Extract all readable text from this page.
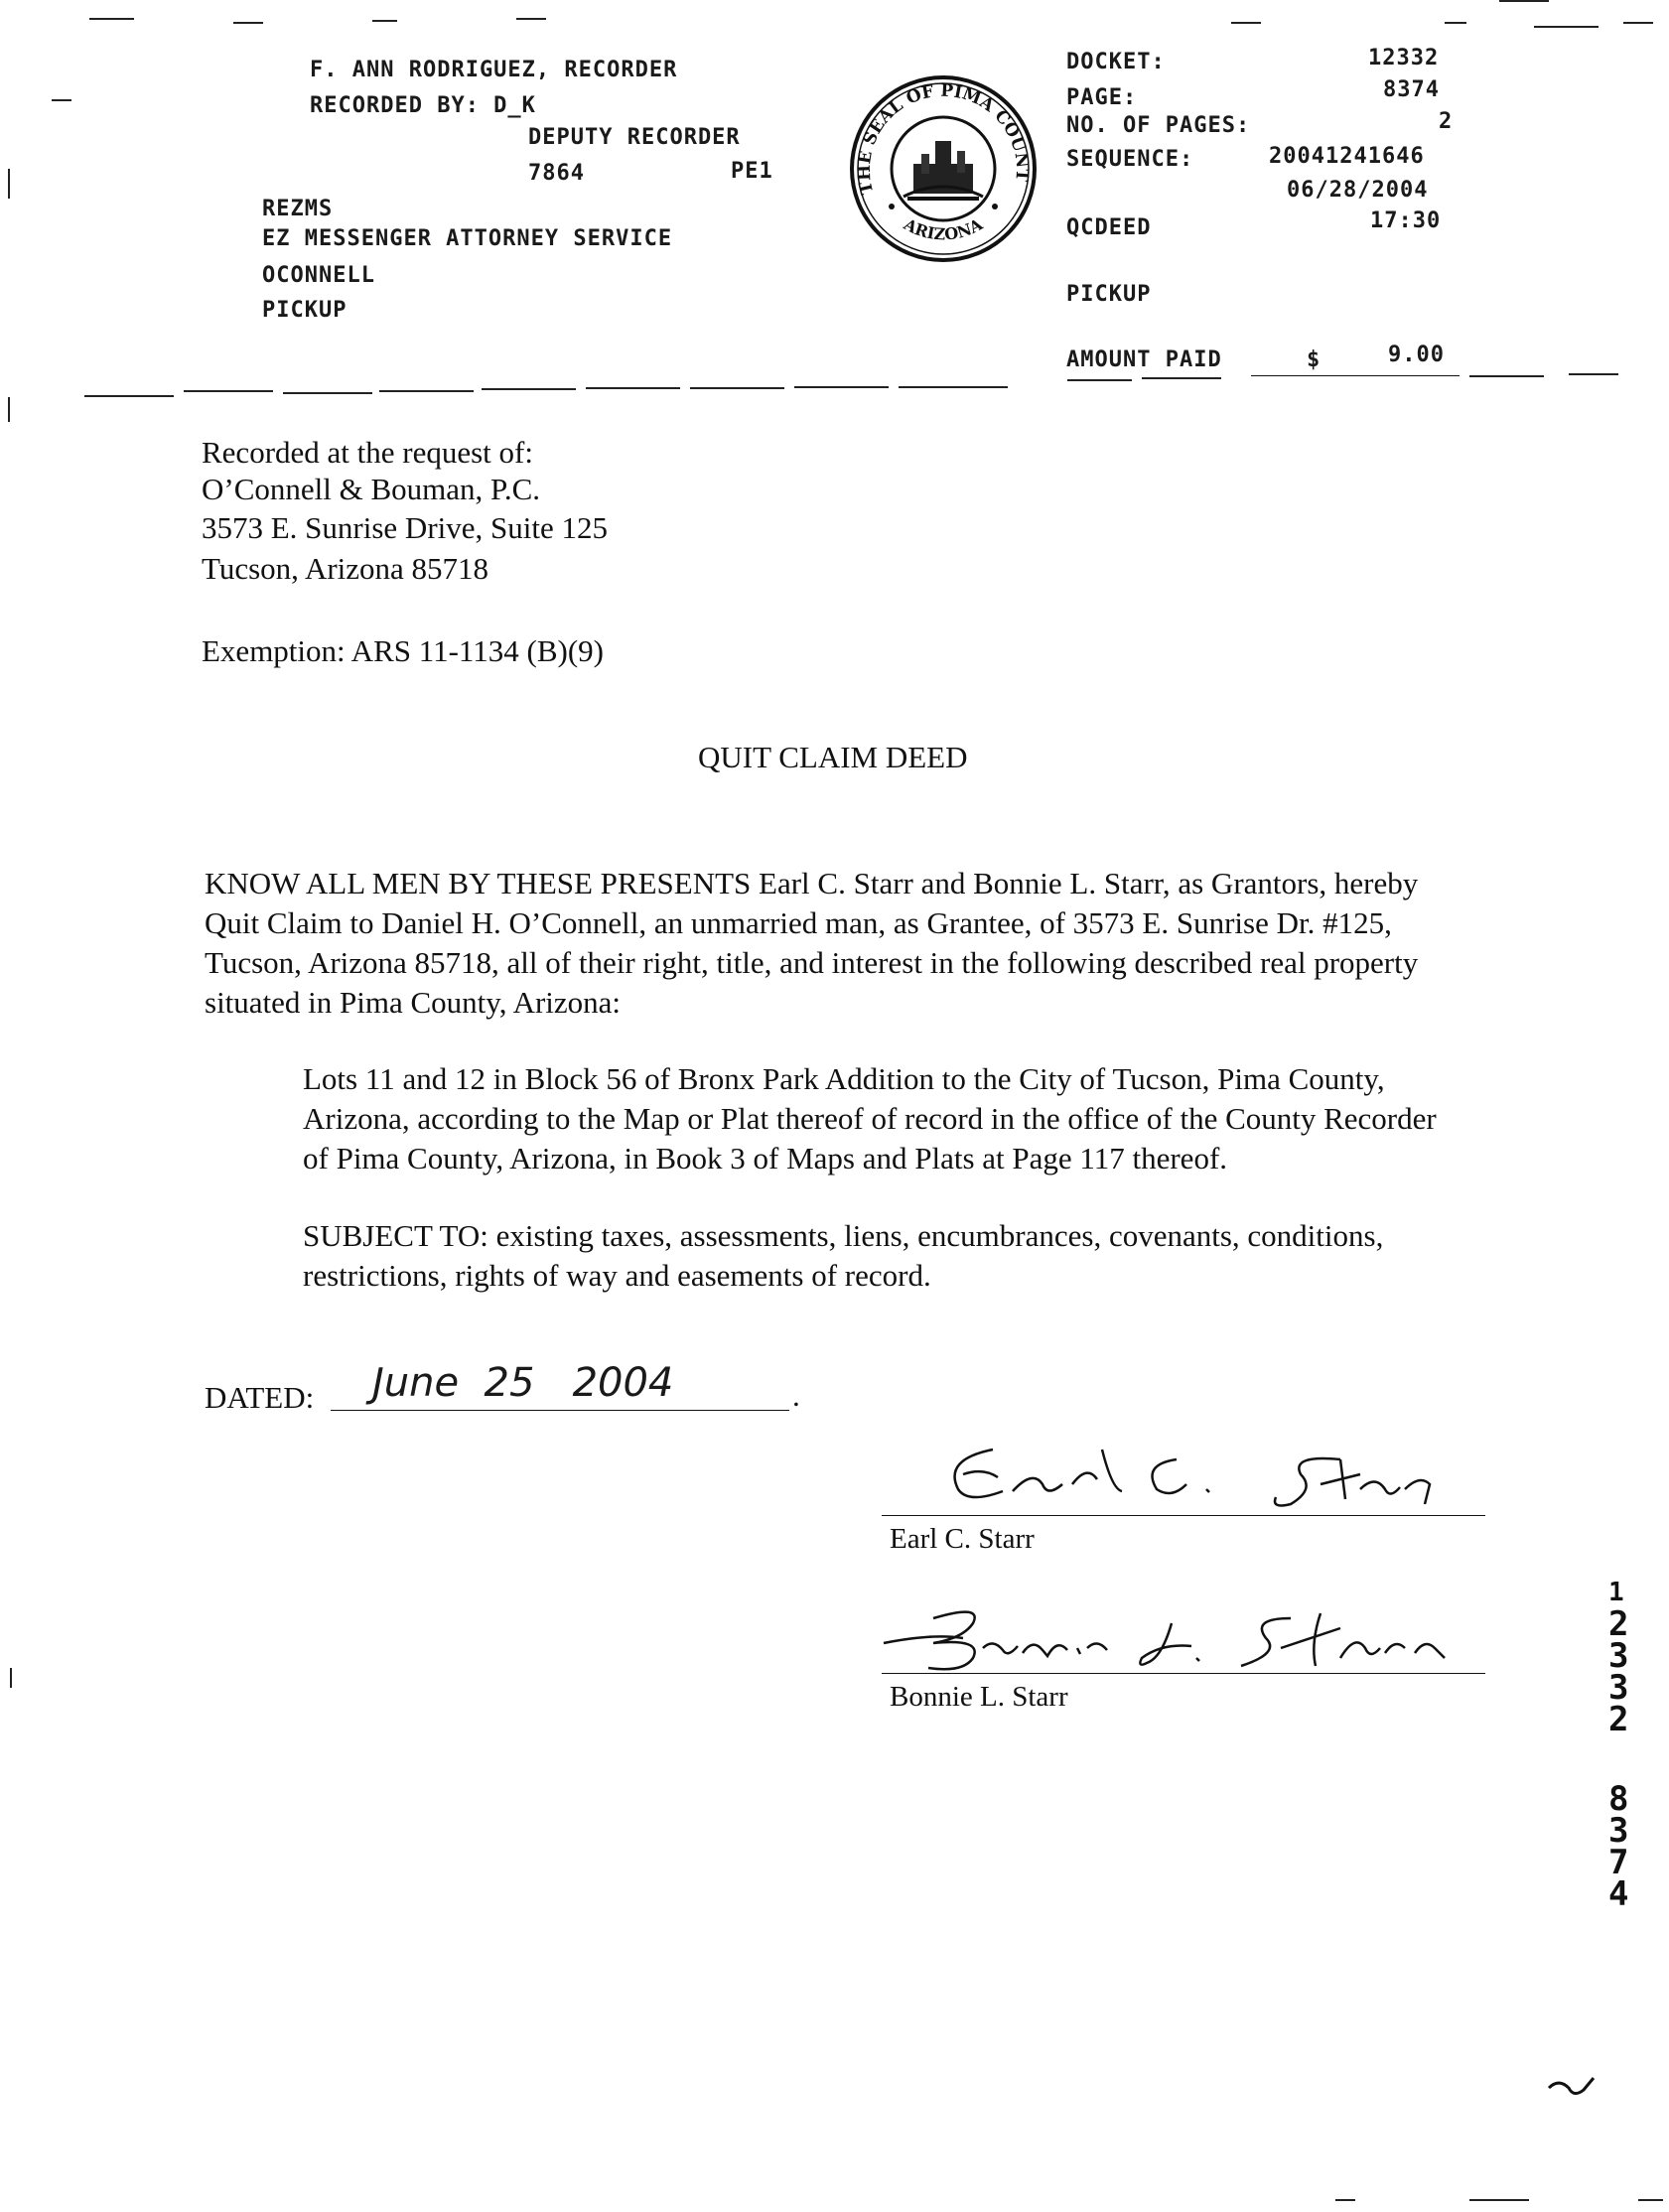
F. ANN RODRIGUEZ, RECORDER
RECORDED BY: D_K
DEPUTY RECORDER
7864	PE1
REZMS
EZ MESSENGER ATTORNEY SERVICE
OCONNELL
PICKUP
THE SEAL OF PIMA COUNT
ARIZONA
DOCKET:	12332
PAGE:	8374
NO. OF PAGES:	2
SEQUENCE:	20041241646
06/28/2004
QCDEED	17:30
PICKUP
AMOUNT PAID	$	9.00
Recorded at the request of:
O’Connell & Bouman, P.C.
3573 E. Sunrise Drive, Suite 125
Tucson, Arizona 85718
Exemption: ARS 11-1134 (B)(9)
QUIT CLAIM DEED
KNOW ALL MEN BY THESE PRESENTS Earl C. Starr and Bonnie L. Starr, as Grantors, hereby
Quit Claim to Daniel H. O’Connell, an unmarried man, as Grantee, of 3573 E. Sunrise Dr. #125,
Tucson, Arizona 85718, all of their right, title, and interest in the following described real property
situated in Pima County, Arizona:
Lots 11 and 12 in Block 56 of Bronx Park Addition to the City of Tucson, Pima County,
Arizona, according to the Map or Plat thereof of record in the office of the County Recorder
of Pima County, Arizona, in Book 3 of Maps and Plats at Page 117 thereof.
SUBJECT TO: existing taxes, assessments, liens, encumbrances, covenants, conditions,
restrictions, rights of way and easements of record.
DATED: June  25   2004	.
Earl C. Starr
Bonnie L. Starr
1
2
3
3
2
8
3
7
4
